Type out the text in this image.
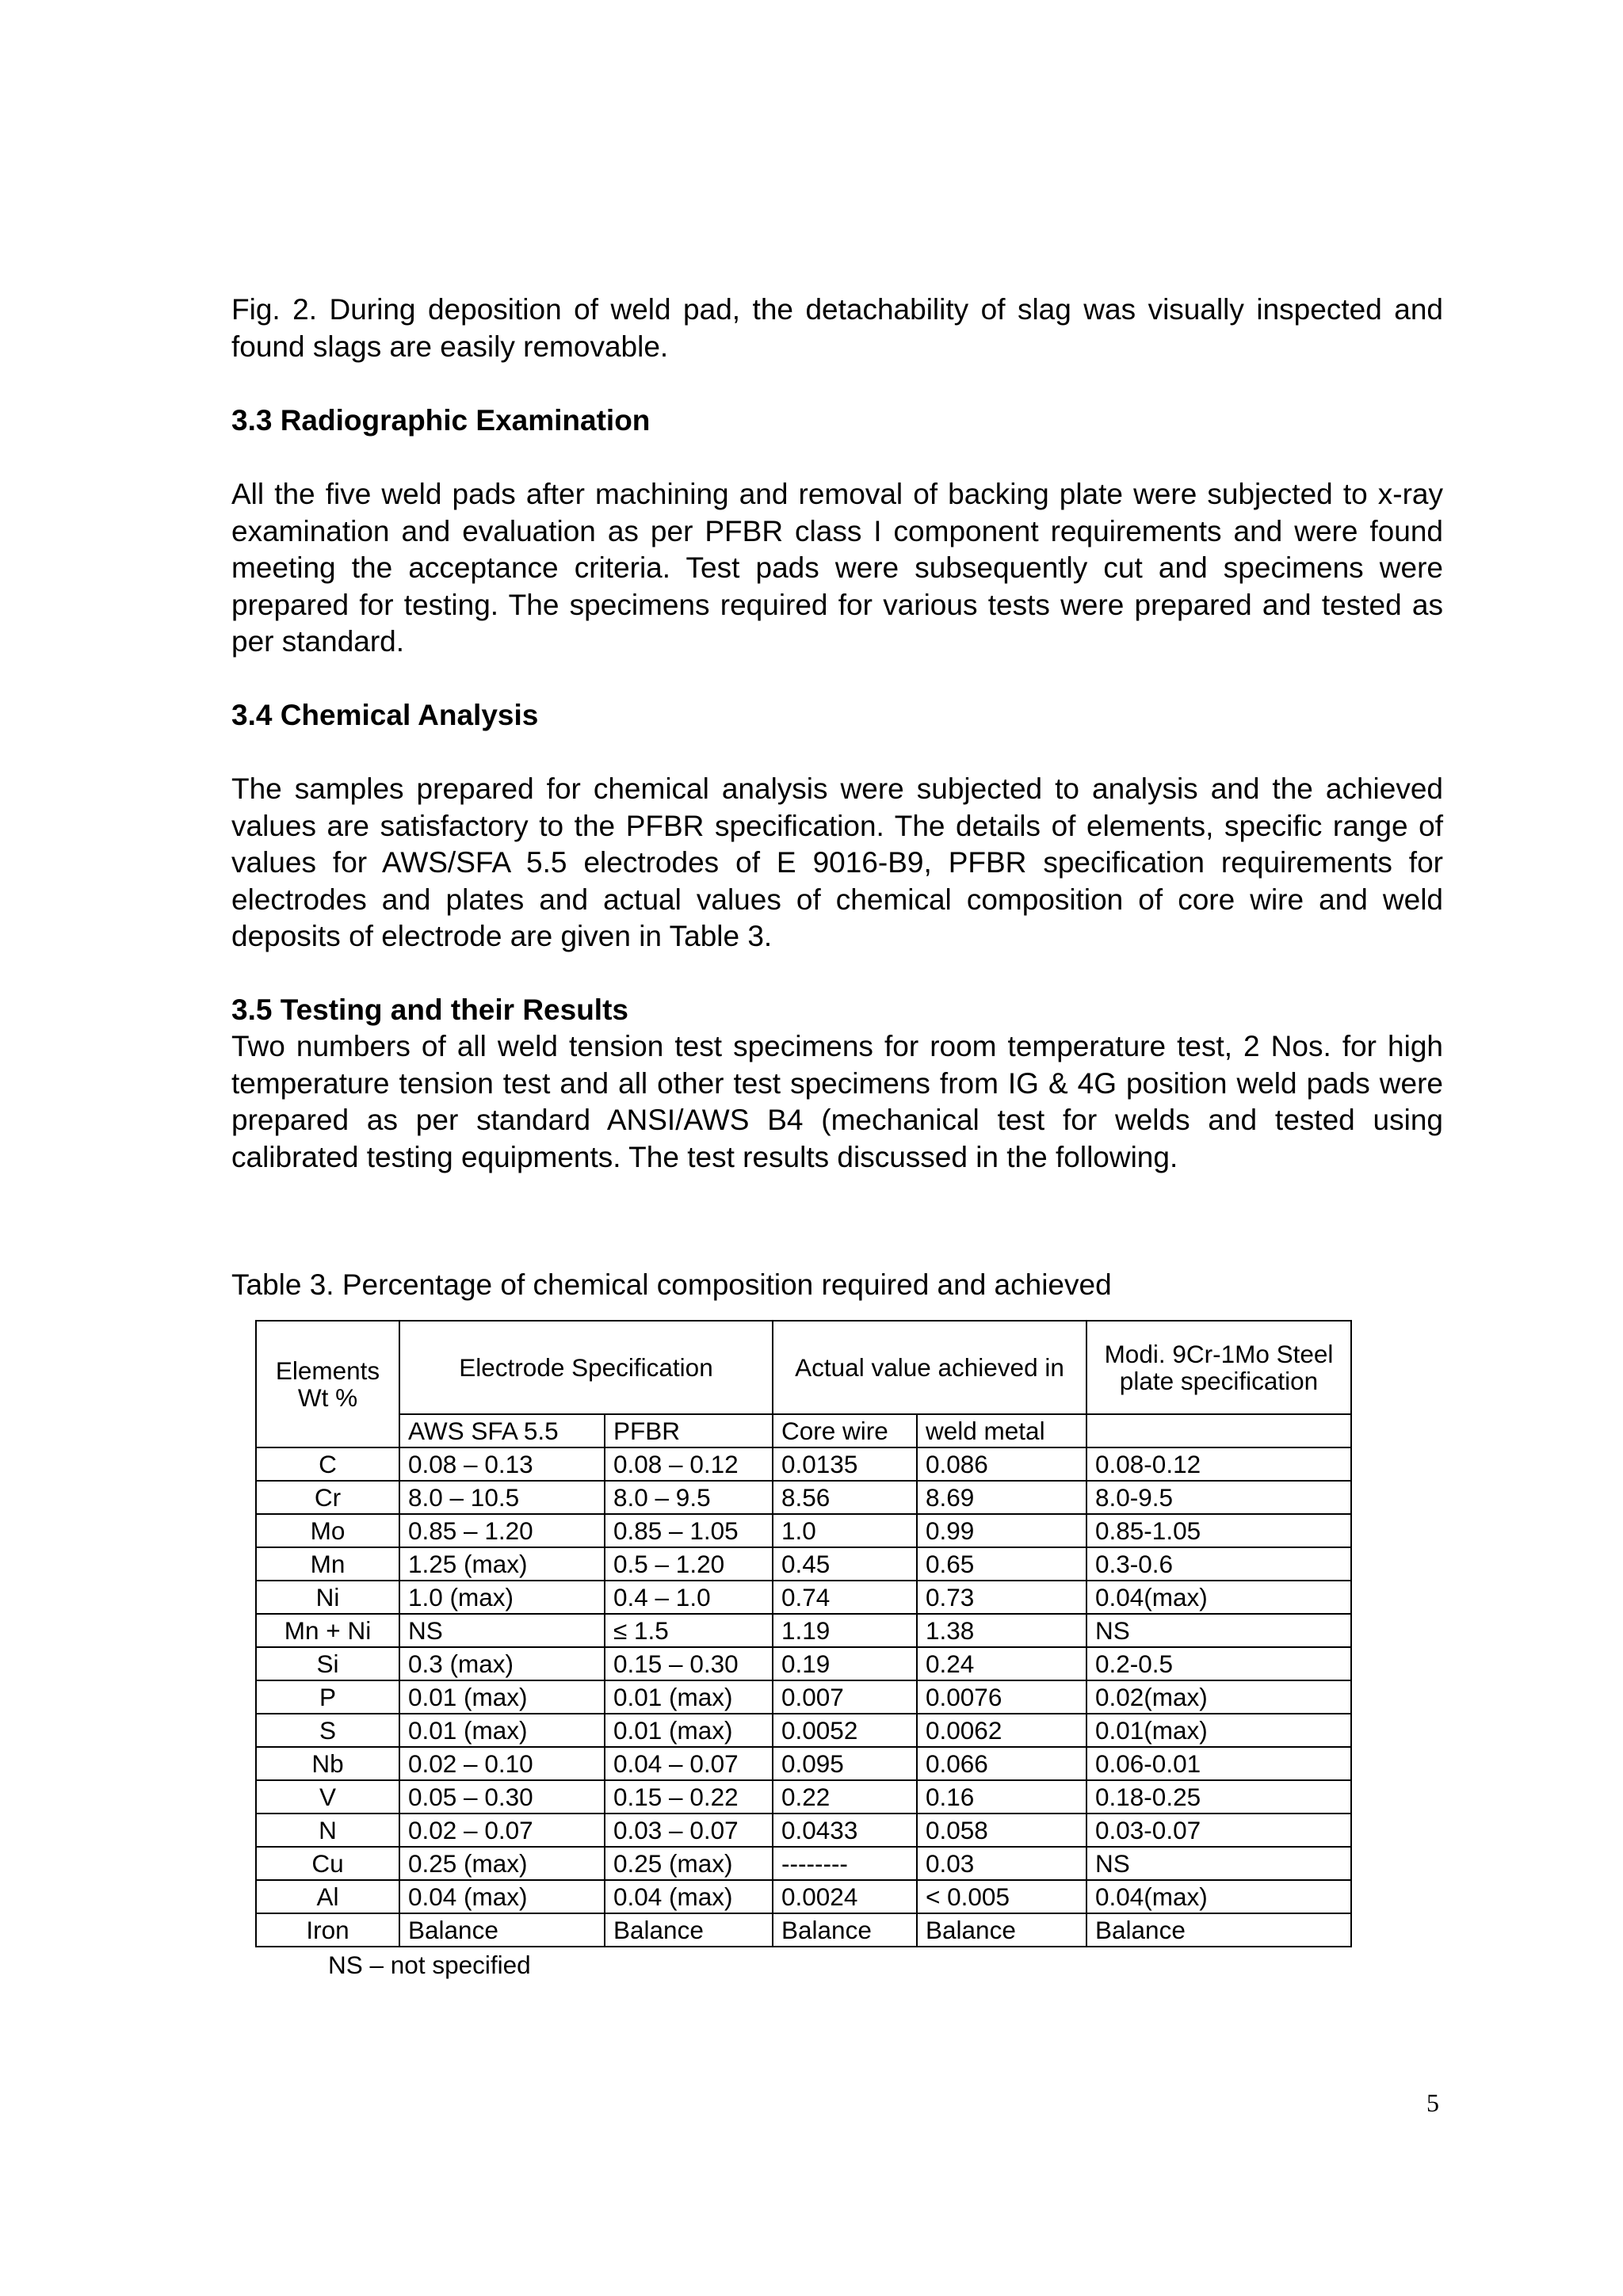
Fig. 2. During deposition of weld pad, the detachability of slag was visually inspected and found slags are easily removable.
3.3 Radiographic Examination
All the five weld pads after machining and removal of backing plate were subjected to x-ray examination and evaluation as per PFBR class I component requirements and were found meeting the acceptance criteria. Test pads were subsequently cut and specimens were prepared for testing. The specimens required for various tests were prepared and tested as per standard.
3.4 Chemical Analysis
The samples prepared for chemical analysis were subjected to analysis and the achieved values are satisfactory to the PFBR specification. The details of elements, specific range of values for AWS/SFA 5.5 electrodes of E 9016-B9, PFBR specification requirements for electrodes and plates and actual values of chemical composition of core wire and weld deposits of electrode are given in Table 3.
3.5 Testing and their Results
Two numbers of all weld tension test specimens for room temperature test, 2 Nos. for high temperature tension test and all other test specimens from IG & 4G position weld pads were prepared as per standard ANSI/AWS B4 (mechanical test for welds and tested using calibrated testing equipments. The test results discussed in the following.
Table 3. Percentage of chemical composition required and achieved
Elements Wt %	Electrode Specification		Actual value achieved in		Modi. 9Cr-1Mo Steel plate specification
	AWS SFA 5.5	PFBR	Core wire	weld metal	
C	0.08 – 0.13	0.08 – 0.12	0.0135	0.086	0.08-0.12
Cr	8.0 – 10.5	8.0 – 9.5	8.56	8.69	8.0-9.5
Mo	0.85 – 1.20	0.85 – 1.05	1.0	0.99	0.85-1.05
Mn	1.25 (max)	0.5 – 1.20	0.45	0.65	0.3-0.6
Ni	1.0 (max)	0.4 – 1.0	0.74	0.73	0.04(max)
Mn + Ni	NS	≤ 1.5	1.19	1.38	NS
Si	0.3 (max)	0.15 – 0.30	0.19	0.24	0.2-0.5
P	0.01 (max)	0.01 (max)	0.007	0.0076	0.02(max)
S	0.01 (max)	0.01 (max)	0.0052	0.0062	0.01(max)
Nb	0.02 – 0.10	0.04 – 0.07	0.095	0.066	0.06-0.01
V	0.05 – 0.30	0.15 – 0.22	0.22	0.16	0.18-0.25
N	0.02 – 0.07	0.03 – 0.07	0.0433	0.058	0.03-0.07
Cu	0.25 (max)	0.25 (max)	--------	0.03	NS
Al	0.04 (max)	0.04 (max)	0.0024	< 0.005	0.04(max)
Iron	Balance	Balance	Balance	Balance	Balance
NS – not specified
5
